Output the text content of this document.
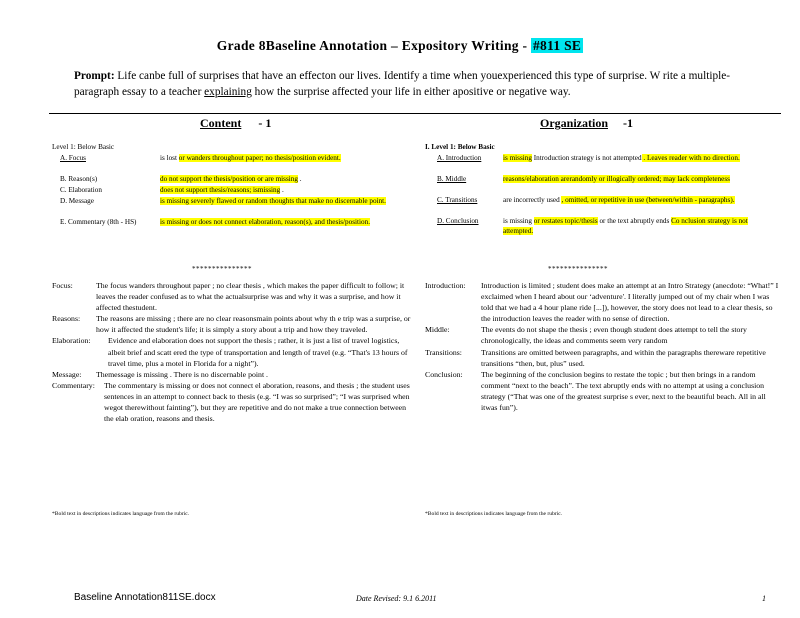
Grade 8Baseline Annotation – Expository Writing - #811 SE
Prompt: Life canbe full of surprises that have an effecton our lives. Identify a time when youexperienced this type of surprise. W rite a multiple-paragraph essay to a teacher explaining how the surprise affected your life in either apositive or negative way.
Content - 1	Organization -1
Level 1: Below Basic
A. Focus	is lost or wanders throughout paper; no thesis/position evident.
B. Reason(s)	do not support the thesis/position or are missing .
C. Elaboration	does not support thesis/reasons; ismissing .
D. Message	is missing severely flawed or random thoughts that make no discernable point.
E. Commentary (8th - HS)	is missing or does not connect elaboration, reason(s), and thesis/position.
I. Level 1: Below Basic
A. Introduction	is missing Introduction strategy is not attempted . Leaves reader with no direction.
B. Middle	reasons/elaboration arerandomly or illogically ordered; may lack completeness
C. Transitions	are incorrectly used , omitted, or repetitive in use (between/within - paragraphs).
D. Conclusion	is missing or restates topic/thesis or the text abruptly ends Co nclusion strategy is not attempted.
***************	***************
Focus:	The focus wanders throughout paper ; no clear thesis , which makes the paper difficult to follow; it leaves the reader confused as to what the actualsurprise was and why it was a surprise, and how it affected thestudent.
Reasons:	The reasons are missing ; there are no clear reasonsmain points about why th e trip was a surprise, or how it affected the student's life; it is simply a story about a trip and how they traveled.
Elaboration:	Evidence and elaboration does not support the thesis ; rather, it is just a list of travel logistics, albeit brief and scatt ered the type of transportation and length of travel (e.g. “That's 13 hours of travel time, plus a motel in Florida for a night”).
Message:	Themessage is missing . There is no discernable point .
Commentary:	The commentary is missing or does not connect el aboration, reasons, and thesis ; the student uses sentences in an attempt to connect back to thesis (e.g. “I was so surprised”; “I was surprised when wegot therewithout fainting”), but they are repetitive and do not make a true connection between the elab oration, reasons and thesis.
Introduction:	Introduction is limited ; student does make an attempt at an Intro Strategy (anecdote: “What!” I exclaimed when I heard about our ‘adventure'. I literally jumped out of my chair when I was told that we had a 4 hour plane ride [...]), however, the story does not lead to a clear thesis, so the introduction leaves the reader with no sense of direction.
Middle:	The events do not shape the thesis ; even though student does attempt to tell the story chronologically, the ideas and comments seem very random
Transitions:	Transitions are omitted between paragraphs, and within the paragraphs thereware repetitive transitions “then, but, plus” used.
Conclusion:	The beginning of the conclusion begins to restate the topic ; but then brings in a random comment “next to the beach”. The text abruptly ends with no attempt at using a conclusion strategy (“That was one of the greatest surprise s ever, next to the beautiful beach. All in all itwas fun”).
*Bold text in descriptions indicates language from the rubric.	*Bold text in descriptions indicates language from the rubric.
Baseline Annotation811SE.docx	Date Revised: 9.1 6.2011	1
